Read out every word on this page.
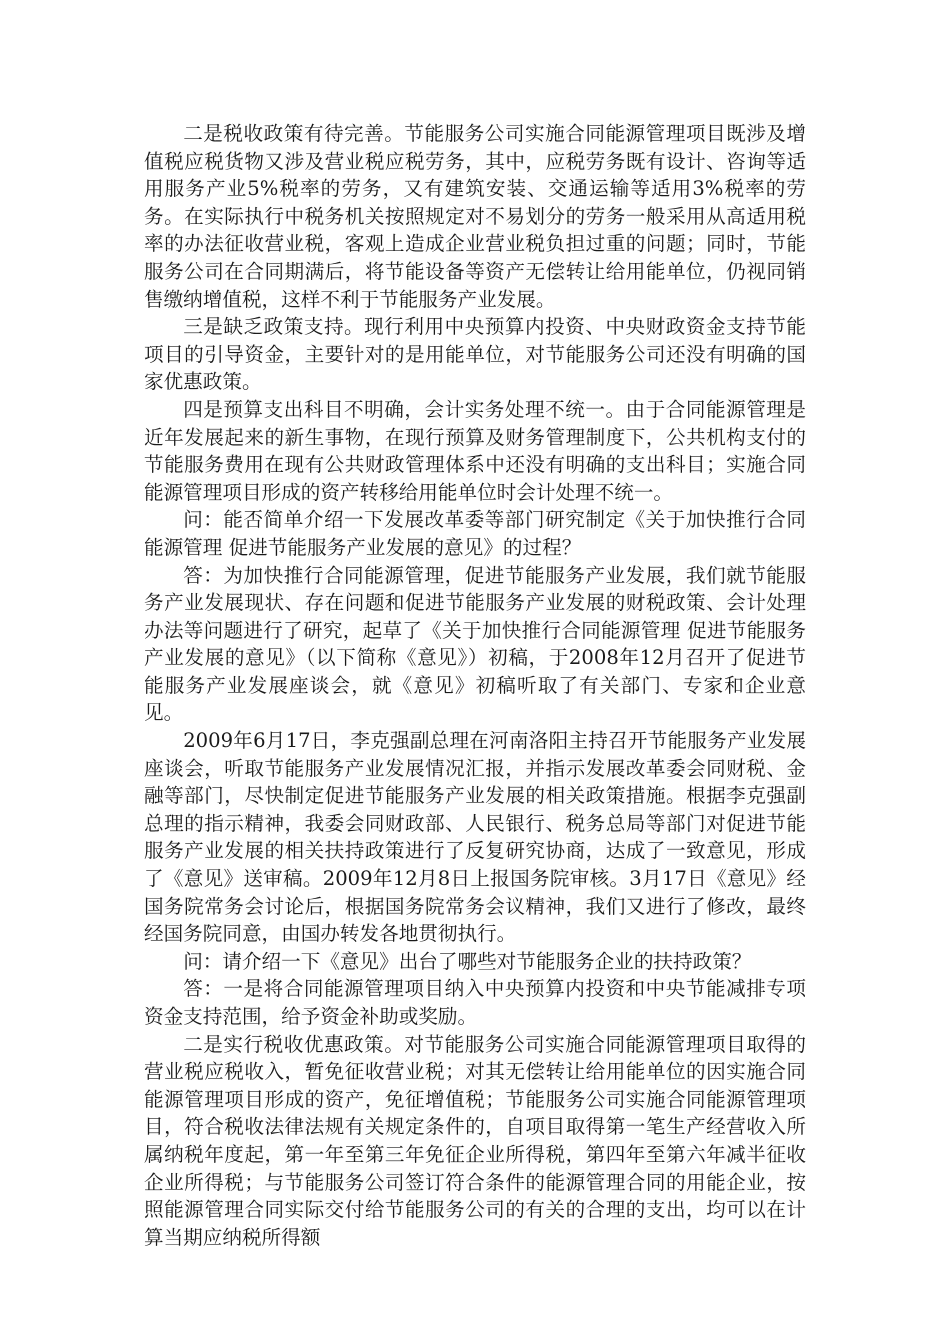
二是税收政策有待完善。节能服务公司实施合同能源管理项目既涉及增值税应税货物又涉及营业税应税劳务，其中，应税劳务既有设计、咨询等适用服务产业5%税率的劳务，又有建筑安装、交通运输等适用3%税率的劳务。在实际执行中税务机关按照规定对不易划分的劳务一般采用从高适用税率的办法征收营业税，客观上造成企业营业税负担过重的问题；同时，节能服务公司在合同期满后，将节能设备等资产无偿转让给用能单位，仍视同销售缴纳增值税，这样不利于节能服务产业发展。

三是缺乏政策支持。现行利用中央预算内投资、中央财政资金支持节能项目的引导资金，主要针对的是用能单位，对节能服务公司还没有明确的国家优惠政策。

四是预算支出科目不明确，会计实务处理不统一。由于合同能源管理是近年发展起来的新生事物，在现行预算及财务管理制度下，公共机构支付的节能服务费用在现有公共财政管理体系中还没有明确的支出科目；实施合同能源管理项目形成的资产转移给用能单位时会计处理不统一。

问：能否简单介绍一下发展改革委等部门研究制定《关于加快推行合同能源管理 促进节能服务产业发展的意见》的过程？

答：为加快推行合同能源管理，促进节能服务产业发展，我们就节能服务产业发展现状、存在问题和促进节能服务产业发展的财税政策、会计处理办法等问题进行了研究，起草了《关于加快推行合同能源管理 促进节能服务产业发展的意见》（以下简称《意见》）初稿，于2008年12月召开了促进节能服务产业发展座谈会，就《意见》初稿听取了有关部门、专家和企业意见。

2009年6月17日，李克强副总理在河南洛阳主持召开节能服务产业发展座谈会，听取节能服务产业发展情况汇报，并指示发展改革委会同财税、金融等部门，尽快制定促进节能服务产业发展的相关政策措施。根据李克强副总理的指示精神，我委会同财政部、人民银行、税务总局等部门对促进节能服务产业发展的相关扶持政策进行了反复研究协商，达成了一致意见，形成了《意见》送审稿。2009年12月8日上报国务院审核。3月17日《意见》经国务院常务会讨论后，根据国务院常务会议精神，我们又进行了修改，最终经国务院同意，由国办转发各地贯彻执行。

问：请介绍一下《意见》出台了哪些对节能服务企业的扶持政策？

答：一是将合同能源管理项目纳入中央预算内投资和中央节能减排专项资金支持范围，给予资金补助或奖励。

二是实行税收优惠政策。对节能服务公司实施合同能源管理项目取得的营业税应税收入，暂免征收营业税；对其无偿转让给用能单位的因实施合同能源管理项目形成的资产，免征增值税；节能服务公司实施合同能源管理项目，符合税收法律法规有关规定条件的，自项目取得第一笔生产经营收入所属纳税年度起，第一年至第三年免征企业所得税，第四年至第六年减半征收企业所得税；与节能服务公司签订符合条件的能源管理合同的用能企业，按照能源管理合同实际交付给节能服务公司的有关的合理的支出，均可以在计算当期应纳税所得额
